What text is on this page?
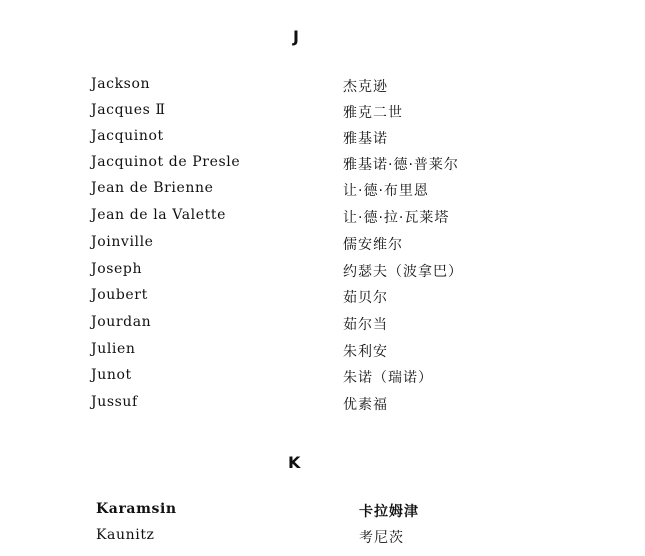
J
Jackson	杰克逊
Jacques Ⅱ	雅克二世
Jacquinot	雅基诺
Jacquinot de Presle	雅基诺·德·普莱尔
Jean de Brienne	让·德·布里恩
Jean de la Valette	让·德·拉·瓦莱塔
Joinville	儒安维尔
Joseph	约瑟夫（波拿巴）
Joubert	茹贝尔
Jourdan	茹尔当
Julien	朱利安
Junot	朱诺（瑞诺）
Jussuf	优素福
K
Karamsin	卡拉姆津
Kaunitz	考尼茨
